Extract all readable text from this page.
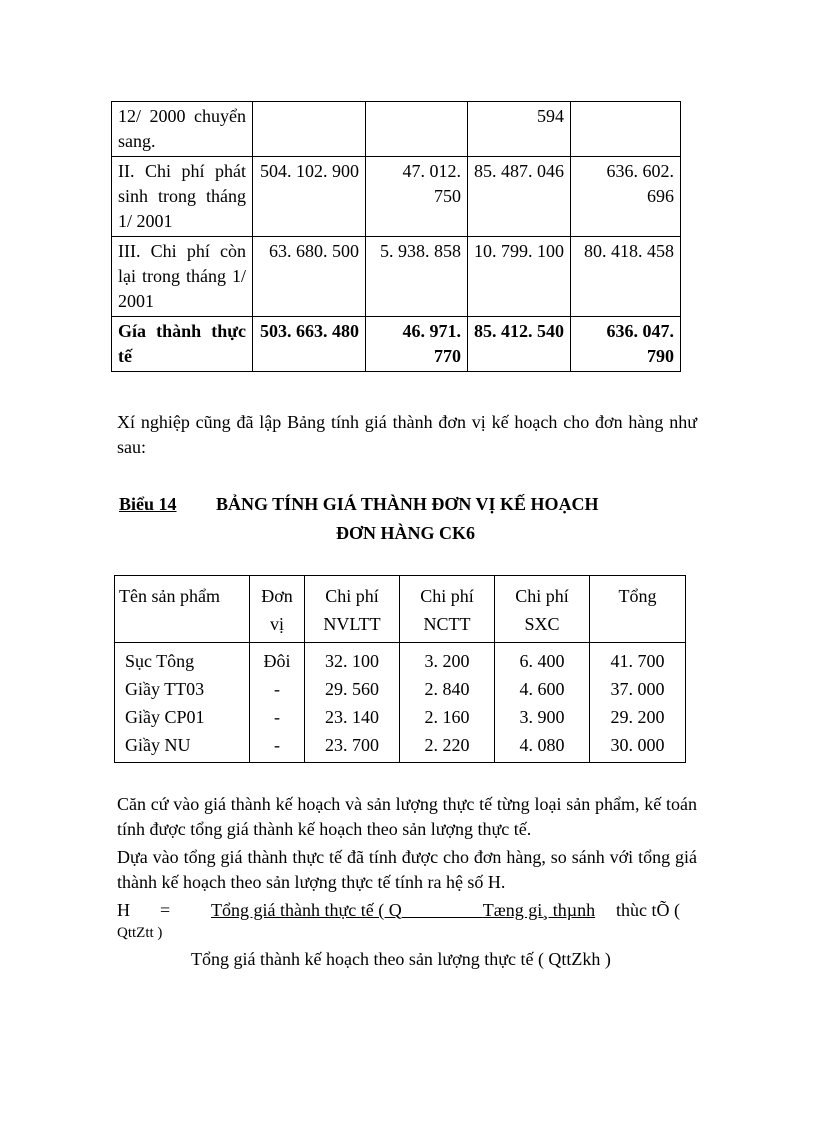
12/ 2000 chuyển sang.			594	
II. Chi phí phát sinh trong tháng 1/ 2001	504. 102. 900	47. 012. 750	85. 487. 046	636. 602. 696
III. Chi phí còn lại trong tháng 1/ 2001	63. 680. 500	5. 938. 858	10. 799. 100	80. 418. 458
Gía thành thực tế	503. 663. 480	46. 971. 770	85. 412. 540	636. 047. 790
Xí nghiệp cũng đã lập Bảng tính giá thành đơn vị kế hoạch cho đơn hàng như sau:
Biểu 14 BẢNG TÍNH GIÁ THÀNH ĐƠN VỊ KẾ HOẠCH
ĐƠN HÀNG CK6
Tên sản phẩm	Đơn vị	Chi phí NVLTT	Chi phí NCTT	Chi phí SXC	Tổng
Sục Tông	Đôi	32. 100	3. 200	6. 400	41. 700
Giầy TT03	-	29. 560	2. 840	4. 600	37. 000
Giầy CP01	-	23. 140	2. 160	3. 900	29. 200
Giầy NU	-	23. 700	2. 220	4. 080	30. 000
Căn cứ vào giá thành kế hoạch và sản lượng thực tế từng loại sản phẩm, kế toán tính được tổng giá thành kế hoạch theo sản lượng thực tế.
Dựa vào tổng giá thành thực tế đã tính được cho đơn hàng, so sánh với tổng giá thành kế hoạch theo sản lượng thực tế tính ra hệ số H.
H = Tổng giá thành thực tế ( Q	Tæng gi¸ thµnh thùc tÕ (
QttZtt )
Tổng giá thành kế hoạch theo sản lượng thực tế ( QttZkh )
